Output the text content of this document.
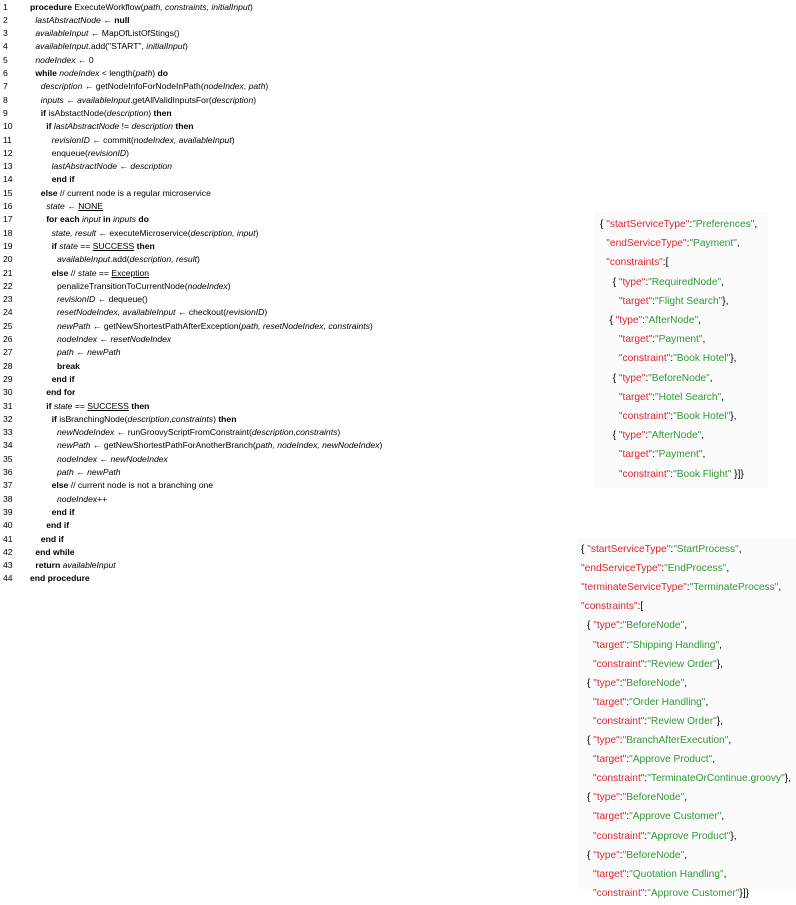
1	procedure ExecuteWorkflow(path, constraints, initialInput)
2	lastAbstractNode ← null
3	availableInput ← MapOfListOfStings()
4	availableInput.add("START", initialInput)
5	nodeIndex ← 0
6	while nodeIndex < length(path) do
7	description ← getNodeInfoForNodeInPath(nodeIndex, path)
8	inputs ← availableInput.getAllValidInputsFor(description)
9	if isAbstactNode(description) then
10	if lastAbstractNode != description then
11	revisionID ← commit(nodeIndex, availableInput)
12	enqueue(revisionID)
13	lastAbstractNode ← description
14	end if
15	else // current node is a regular microservice
16	state ← NONE
17	for each input in inputs do
18	state, result ← executeMicroservice(description, input)
19	if state == SUCCESS then
20	availableInput.add(description, result)
21	else // state == Exception
22	penalizeTransitionToCurrentNode(nodeIndex)
23	revisionID ← dequeue()
24	resetNodeIndex, availableInput ← checkout(revisionID)
25	newPath ← getNewShortestPathAfterException(path, resetNodeIndex, constraints)
26	nodeIndex ← resetNodeIndex
27	path ← newPath
28	break
29	end if
30	end for
31	if state == SUCCESS then
32	if isBranchingNode(description,constraints) then
33	newNodeIndex ← runGroovyScriptFromConstraint(description,constraints)
34	newPath ← getNewShortestPathForAnotherBranch(path, nodeIndex, newNodeIndex)
35	nodeIndex ← newNodeIndex
36	path ← newPath
37	else // current node is not a branching one
38	nodeIndex++
39	end if
40	end if
41	end if
42	end while
43	return availableInput
44 end procedure
{ "startServiceType":"Preferences",
"endServiceType":"Payment",
"constraints":[
{ "type":"RequiredNode",
"target":"Flight Search"},
{ "type":"AfterNode",
"target":"Payment",
"constraint":"Book Hotel"},
{ "type":"BeforeNode",
"target":"Hotel Search",
"constraint":"Book Hotel"},
{ "type":"AfterNode",
"target":"Payment",
"constraint":"Book Flight" }]}
{ "startServiceType":"StartProcess",
"endServiceType":"EndProcess",
"terminateServiceType":"TerminateProcess",
"constraints":[
{ "type":"BeforeNode",
"target":"Shipping Handling",
"constraint":"Review Order"},
{ "type":"BeforeNode",
"target":"Order Handling",
"constraint":"Review Order"},
{ "type":"BranchAfterExecution",
"target":"Approve Product",
"constraint":"TerminateOrContinue.groovy"},
{ "type":"BeforeNode",
"target":"Approve Customer",
"constraint":"Approve Product"},
{ "type":"BeforeNode",
"target":"Quotation Handling",
"constraint":"Approve Customer"}]}
